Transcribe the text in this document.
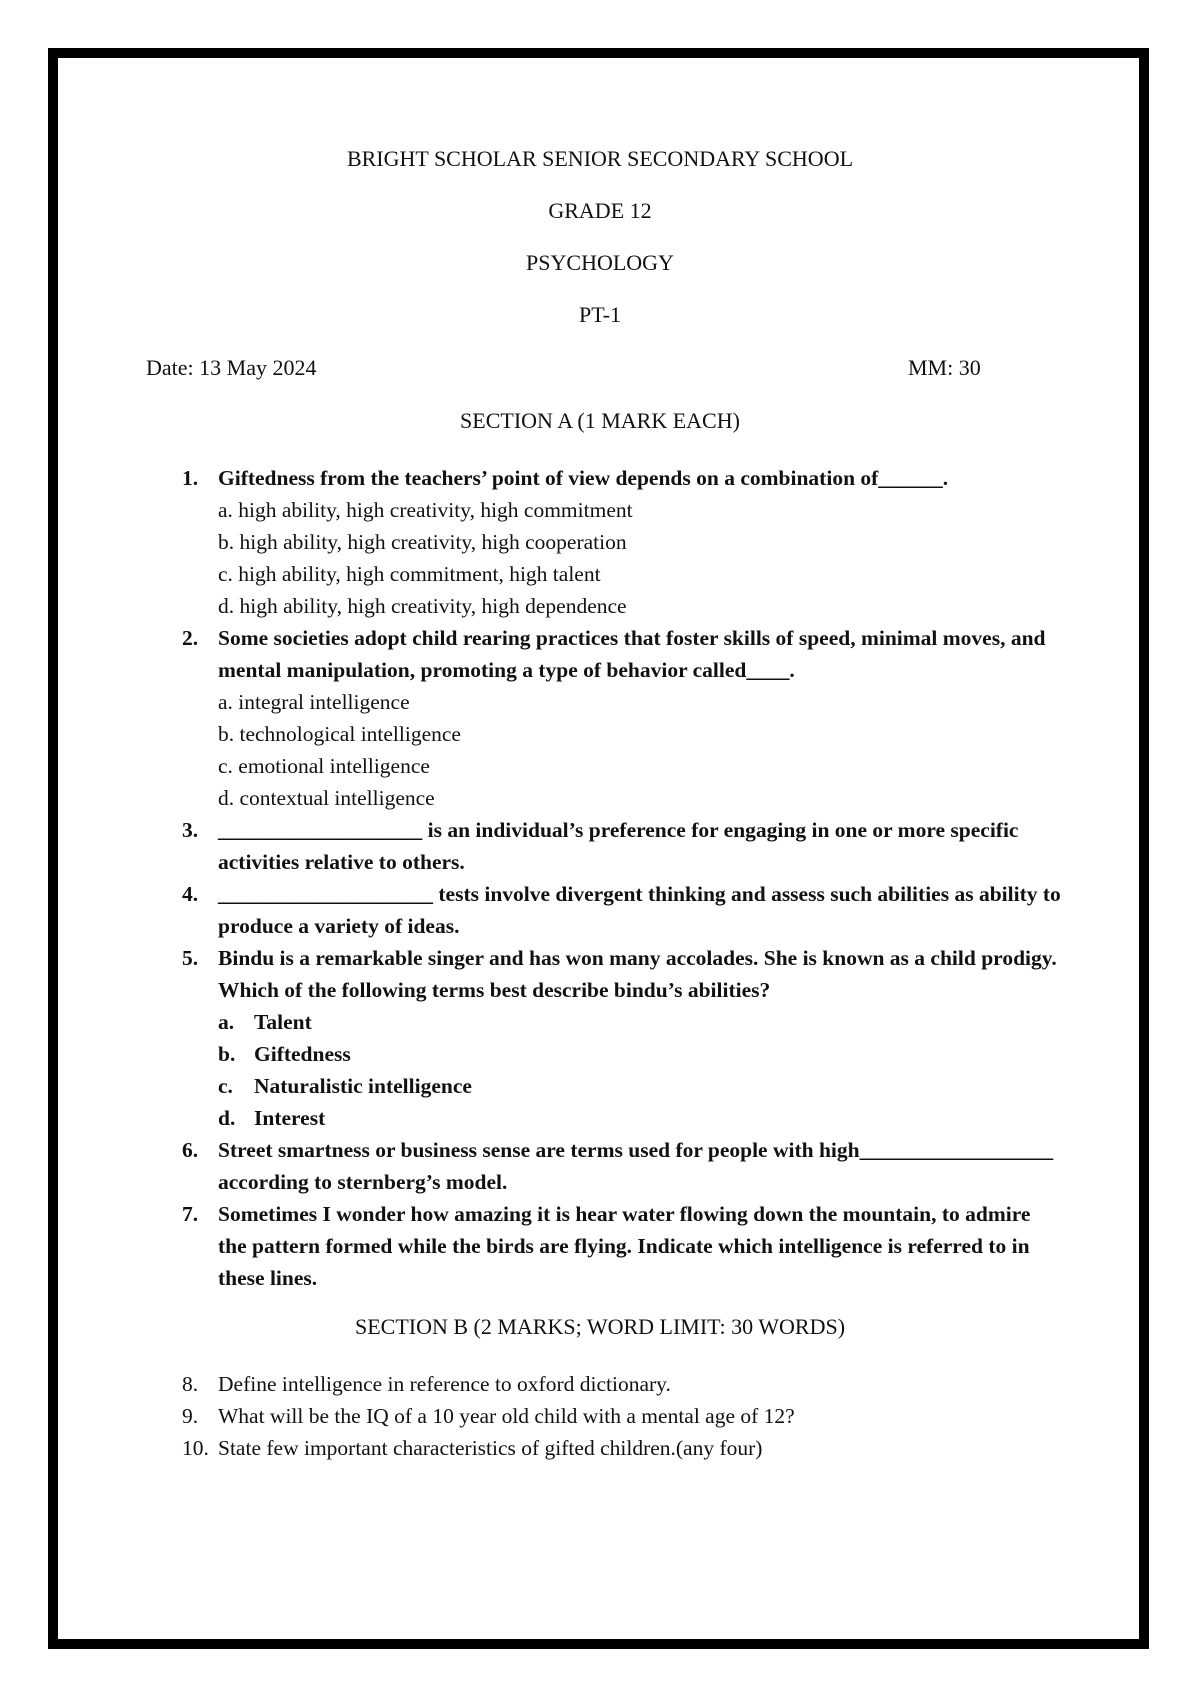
BRIGHT SCHOLAR SENIOR SECONDARY SCHOOL
GRADE 12
PSYCHOLOGY
PT-1
Date: 13 May 2024	MM: 30
SECTION A (1 MARK EACH)
1. Giftedness from the teachers’ point of view depends on a combination of______.
a. high ability, high creativity, high commitment
b. high ability, high creativity, high cooperation
c. high ability, high commitment, high talent
d. high ability, high creativity, high dependence
2. Some societies adopt child rearing practices that foster skills of speed, minimal moves, and mental manipulation, promoting a type of behavior called____.
a. integral intelligence
b. technological intelligence
c. emotional intelligence
d. contextual intelligence
3. ___________________ is an individual’s preference for engaging in one or more specific activities relative to others.
4. ____________________ tests involve divergent thinking and assess such abilities as ability to produce a variety of ideas.
5. Bindu is a remarkable singer and has won many accolades. She is known as a child prodigy. Which of the following terms best describe bindu’s abilities?
a. Talent
b. Giftedness
c. Naturalistic intelligence
d. Interest
6. Street smartness or business sense are terms used for people with high__________________ according to sternberg’s model.
7. Sometimes I wonder how amazing it is hear water flowing down the mountain, to admire the pattern formed while the birds are flying. Indicate which intelligence is referred to in these lines.
SECTION B (2 MARKS; WORD LIMIT: 30 WORDS)
8. Define intelligence in reference to oxford dictionary.
9. What will be the IQ of a 10 year old child with a mental age of 12?
10. State few important characteristics of gifted children.(any four)
